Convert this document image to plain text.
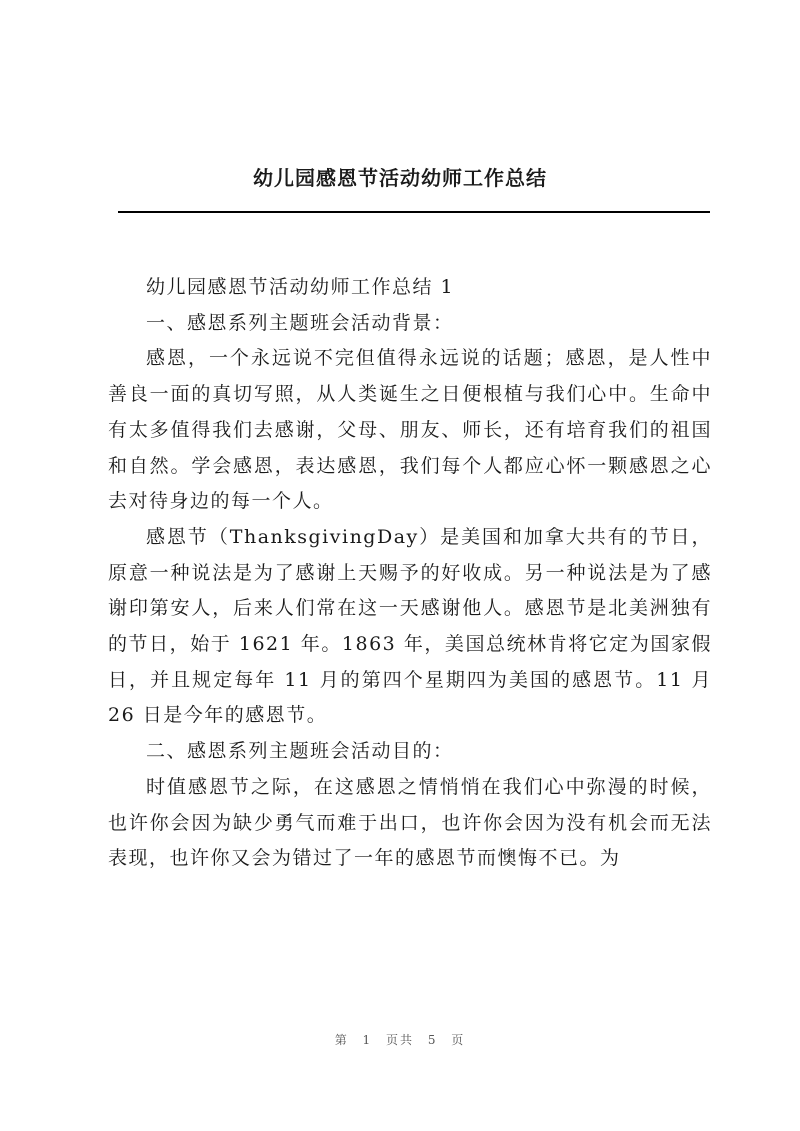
幼儿园感恩节活动幼师工作总结

幼儿园感恩节活动幼师工作总结 1

一、感恩系列主题班会活动背景：

感恩，一个永远说不完但值得永远说的话题；感恩，是人性中善良一面的真切写照，从人类诞生之日便根植与我们心中。生命中有太多值得我们去感谢，父母、朋友、师长，还有培育我们的祖国和自然。学会感恩，表达感恩，我们每个人都应心怀一颗感恩之心去对待身边的每一个人。

感恩节（ThanksgivingDay）是美国和加拿大共有的节日，原意一种说法是为了感谢上天赐予的好收成。另一种说法是为了感谢印第安人，后来人们常在这一天感谢他人。感恩节是北美洲独有的节日，始于 1621 年。1863 年，美国总统林肯将它定为国家假日，并且规定每年 11 月的第四个星期四为美国的感恩节。11 月 26 日是今年的感恩节。

二、感恩系列主题班会活动目的：

时值感恩节之际，在这感恩之情悄悄在我们心中弥漫的时候，也许你会因为缺少勇气而难于出口，也许你会因为没有机会而无法表现，也许你又会为错过了一年的感恩节而懊悔不已。为

第 1 页共 5 页
